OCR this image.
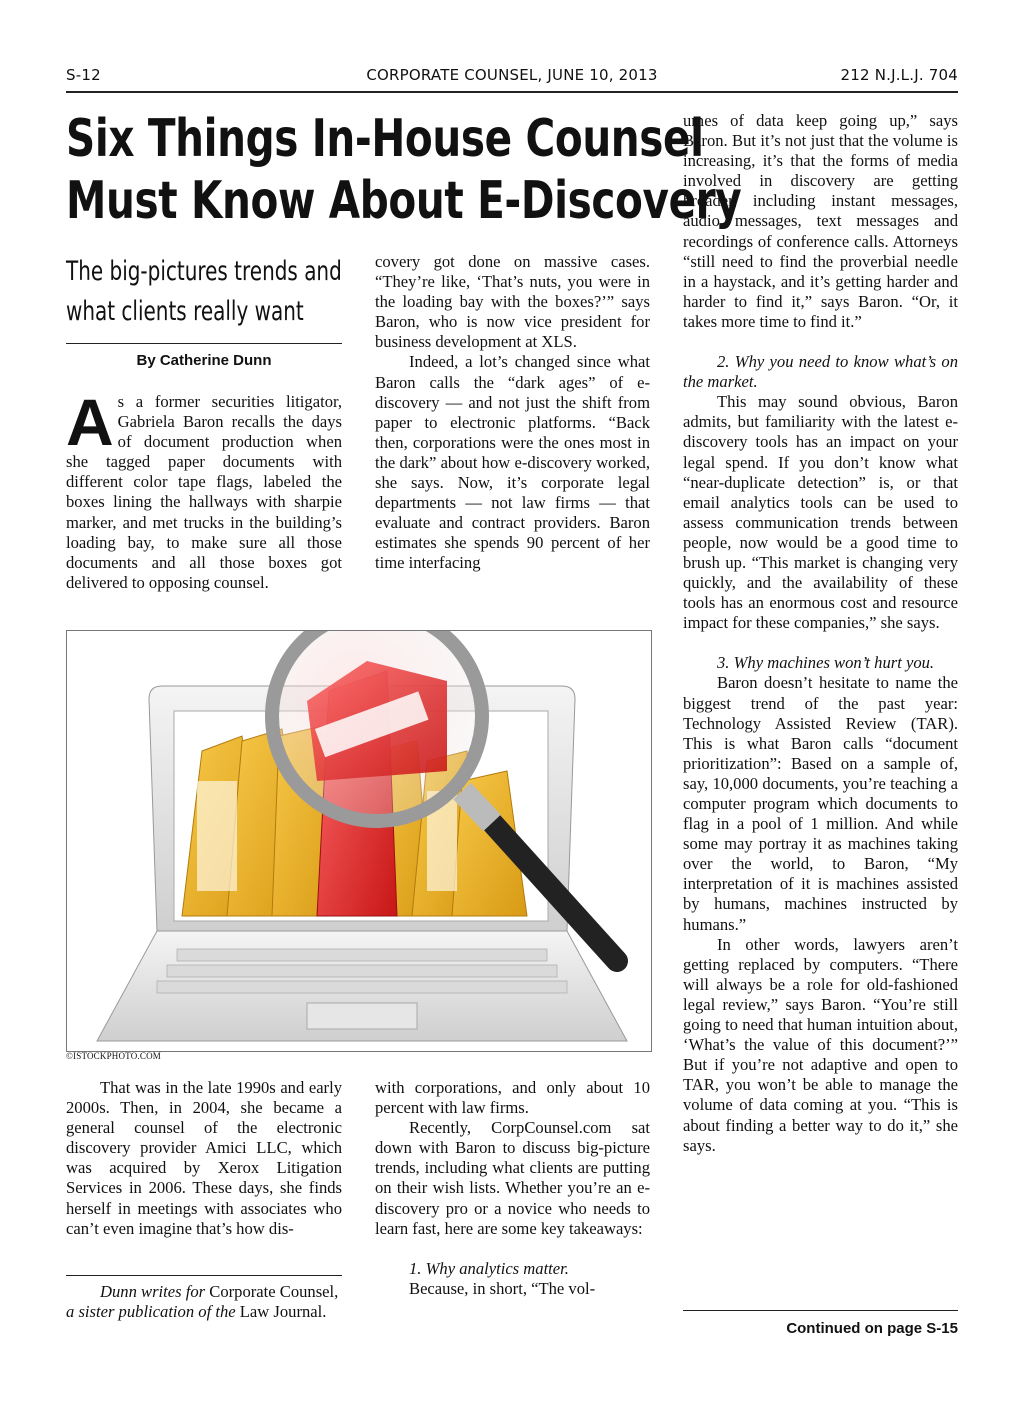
S-12	CORPORATE COUNSEL, JUNE 10, 2013	212 N.J.L.J. 704
Six Things In-House Counsel
Must Know About E-Discovery
The big-pictures trends and
what clients really want
By Catherine Dunn

As a former securities litigator, Gabriela Baron recalls the days of document production when she tagged paper documents with different color tape flags, labeled the boxes lining the hallways with sharpie marker, and met trucks in the building’s loading bay, to make sure all those documents and all those boxes got delivered to opposing counsel.

covery got done on massive cases. “They’re like, ‘That’s nuts, you were in the loading bay with the boxes?’” says Baron, who is now vice president for business development at XLS.

Indeed, a lot’s changed since what Baron calls the “dark ages” of e-discovery — and not just the shift from paper to electronic platforms. “Back then, corporations were the ones most in the dark” about how e-discovery worked, she says. Now, it’s corporate legal departments — not law firms — that evaluate and contract providers. Baron estimates she spends 90 percent of her time interfacing

©ISTOCKPHOTO.COM

That was in the late 1990s and early 2000s. Then, in 2004, she became a general counsel of the electronic discovery provider Amici LLC, which was acquired by Xerox Litigation Services in 2006. These days, she finds herself in meetings with associates who can’t even imagine that’s how dis-

Dunn writes for Corporate Counsel, a sister publication of the Law Journal.

with corporations, and only about 10 percent with law firms.

Recently, CorpCounsel.com sat down with Baron to discuss big-picture trends, including what clients are putting on their wish lists. Whether you’re an e-discovery pro or a novice who needs to learn fast, here are some key takeaways:

1. Why analytics matter.

Because, in short, “The vol-

umes of data keep going up,” says Baron. But it’s not just that the volume is increasing, it’s that the forms of media involved in discovery are getting broader, including instant messages, audio messages, text messages and recordings of conference calls. Attorneys “still need to find the proverbial needle in a haystack, and it’s getting harder and harder to find it,” says Baron. “Or, it takes more time to find it.”

2. Why you need to know what’s on the market.

This may sound obvious, Baron admits, but familiarity with the latest e-discovery tools has an impact on your legal spend. If you don’t know what “near-duplicate detection” is, or that email analytics tools can be used to assess communication trends between people, now would be a good time to brush up. “This market is changing very quickly, and the availability of these tools has an enormous cost and resource impact for these companies,” she says.

3. Why machines won’t hurt you.

Baron doesn’t hesitate to name the biggest trend of the past year: Technology Assisted Review (TAR). This is what Baron calls “document prioritization”: Based on a sample of, say, 10,000 documents, you’re teaching a computer program which documents to flag in a pool of 1 million. And while some may portray it as machines taking over the world, to Baron, “My interpretation of it is machines assisted by humans, machines instructed by humans.”

In other words, lawyers aren’t getting replaced by computers. “There will always be a role for old-fashioned legal review,” says Baron. “You’re still going to need that human intuition about, ‘What’s the value of this document?’” But if you’re not adaptive and open to TAR, you won’t be able to manage the volume of data coming at you. “This is about finding a better way to do it,” she says.

Continued on page S-15
